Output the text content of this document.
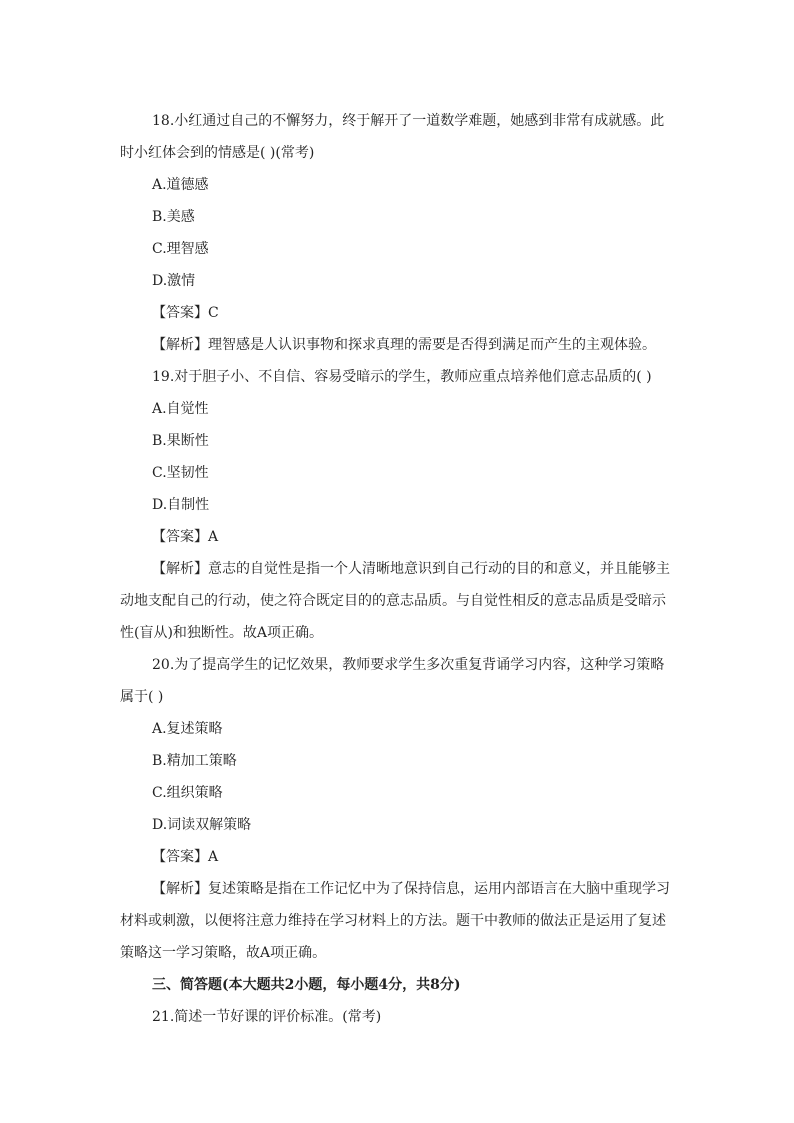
18.小红通过自己的不懈努力，终于解开了一道数学难题，她感到非常有成就感。此
时小红体会到的情感是( )(常考)
A.道德感
B.美感
C.理智感
D.激情
【答案】C
【解析】理智感是人认识事物和探求真理的需要是否得到满足而产生的主观体验。
19.对于胆子小、不自信、容易受暗示的学生，教师应重点培养他们意志品质的( )
A.自觉性
B.果断性
C.坚韧性
D.自制性
【答案】A
【解析】意志的自觉性是指一个人清晰地意识到自己行动的目的和意义，并且能够主
动地支配自己的行动，使之符合既定目的的意志品质。与自觉性相反的意志品质是受暗示
性(盲从)和独断性。故A项正确。
20.为了提高学生的记忆效果，教师要求学生多次重复背诵学习内容，这种学习策略
属于( )
A.复述策略
B.精加工策略
C.组织策略
D.词读双解策略
【答案】A
【解析】复述策略是指在工作记忆中为了保持信息，运用内部语言在大脑中重现学习
材料或刺激，以便将注意力维持在学习材料上的方法。题干中教师的做法正是运用了复述
策略这一学习策略，故A项正确。
三、简答题(本大题共2小题，每小题4分，共8分)
21.简述一节好课的评价标准。(常考)
